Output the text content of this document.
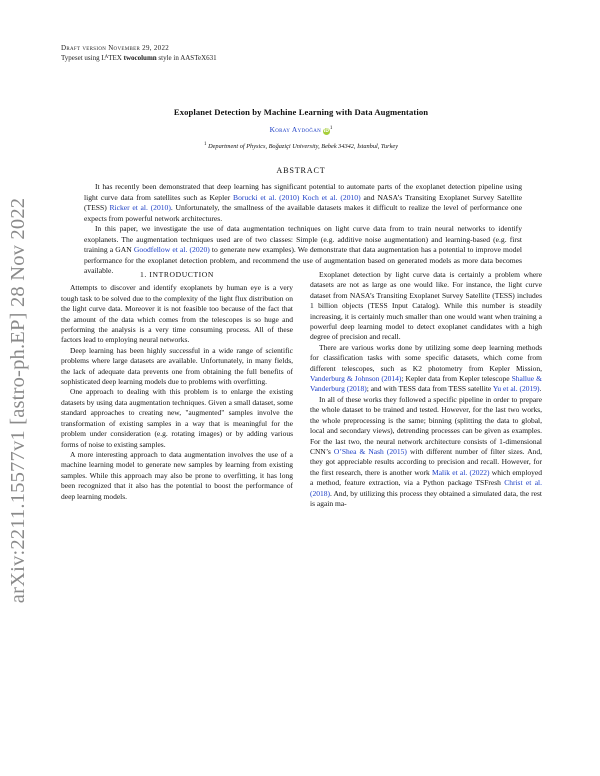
arXiv:2211.15577v1 [astro-ph.EP] 28 Nov 2022
Draft version November 29, 2022
Typeset using $L^ATEX$ twocolumn style in AASTeX631
Exoplanet Detection by Machine Learning with Data Augmentation
Koray Aydoğan $iD^1$
$^1$ Department of Physics, Boğaziçi University, Bebek 34342, İstanbul, Turkey
ABSTRACT

It has recently been demonstrated that deep learning has significant potential to automate parts of the exoplanet detection pipeline using light curve data from satellites such as Kepler Borucki et al. (2010) Koch et al. (2010) and NASA’s Transiting Exoplanet Survey Satellite (TESS) Ricker et al. (2010). Unfortunately, the smallness of the available datasets makes it difficult to realize the level of performance one expects from powerful network architectures.

In this paper, we investigate the use of data augmentation techniques on light curve data from to train neural networks to identify exoplanets. The augmentation techniques used are of two classes: Simple (e.g. additive noise augmentation) and learning-based (e.g. first training a GAN Goodfellow et al. (2020) to generate new examples). We demonstrate that data augmentation has a potential to improve model performance for the exoplanet detection problem, and recommend the use of augmentation based on generated models as more data becomes available.	1. INTRODUCTION

Attempts to discover and identify exoplanets by human eye is a very tough task to be solved due to the complexity of the light flux distribution on the light curve data. Moreover it is not feasible too because of the fact that the amount of the data which comes from the telescopes is so huge and performing the analysis is a very time consuming process. All of these factors lead to employing neural networks.

Deep learning has been highly successful in a wide range of scientific problems where large datasets are available. Unfortunately, in many fields, the lack of adequate data prevents one from obtaining the full benefits of sophisticated deep learning models due to problems with overfitting.

One approach to dealing with this problem is to enlarge the existing datasets by using data augmentation techniques. Given a small dataset, some standard approaches to creating new, "augmented" samples involve the transformation of existing samples in a way that is meaningful for the problem under consideration (e.g. rotating images) or by adding various forms of noise to existing samples.

A more interesting approach to data augmentation involves the use of a machine learning model to generate new samples by learning from existing samples. While this approach may also be prone to overfitting, it has long been recognized that it also has the potential to boost the performance of deep learning models.

Exoplanet detection by light curve data is certainly a problem where datasets are not as large as one would like. For instance, the light curve dataset from NASA’s Transiting Exoplanet Survey Satellite (TESS) includes 1 billion objects (TESS Input Catalog). While this number is steadily increasing, it is certainly much smaller than one would want when training a powerful deep learning model to detect exoplanet candidates with a high degree of precision and recall.

There are various works done by utilizing some deep learning methods for classification tasks with some specific datasets, which come from different telescopes, such as K2 photometry from Kepler Mission, Vanderburg & Johnson (2014); Kepler data from Kepler telescope Shallue & Vanderburg (2018); and with TESS data from TESS satellite Yu et al. (2019).

In all of these works they followed a specific pipeline in order to prepare the whole dataset to be trained and tested. However, for the last two works, the whole preprocessing is the same; binning (splitting the data to global, local and secondary views), detrending processes can be given as examples. For the last two, the neural network architecture consists of 1-dimensional CNN’s O’Shea & Nash (2015) with different number of filter sizes. And, they got appreciable results according to precision and recall. However, for the first research, there is another work Malik et al. (2022) which employed a method, feature extraction, via a Python package TSFresh Christ et al. (2018). And, by utilizing this process they obtained a simulated data, the rest is again ma-
